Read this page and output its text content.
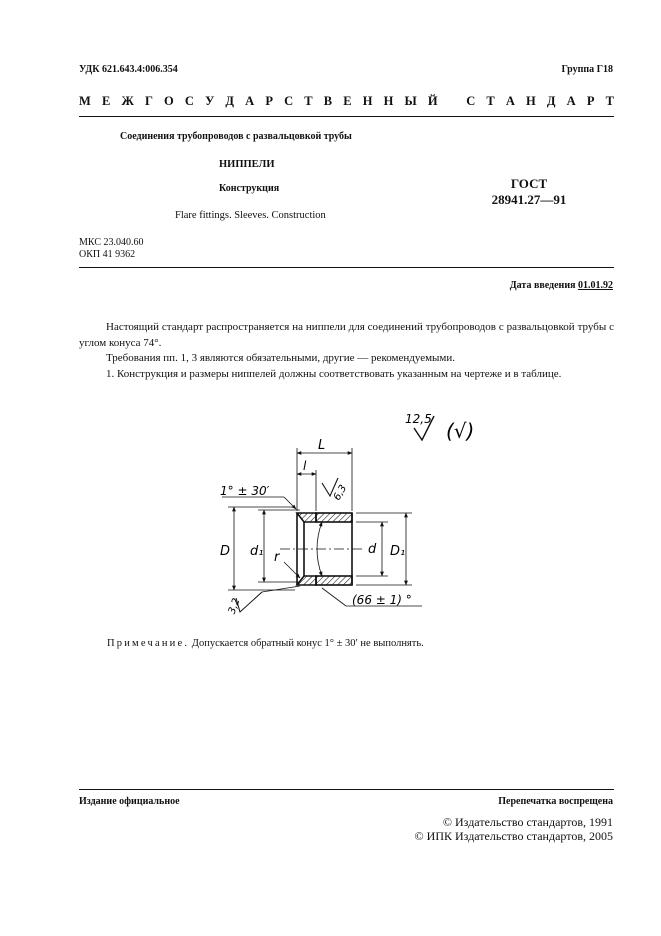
УДК 621.643.4:006.354	Группа Г18
М Е Ж Г О С У Д А Р С Т В Е Н Н Ы Й
С Т А Н Д А Р Т
Соединения трубопроводов с развальцовкой трубы
НИППЕЛИ
Конструкция	ГОСТ
28941.27—91
Flare fittings. Sleeves. Construction
МКС 23.040.60
ОКП 41 9362
Дата введения 01.01.92

Настоящий стандарт распространяется на ниппели для соединений трубопроводов с развальцовкой трубы с углом конуса 74°.

Требования пп. 1, 3 являются обязательными, другие — рекомендуемыми.

1. Конструкция и размеры ниппелей должны соответствовать указанным на чертеже и в таблице.

12,5 (√)
L
l
6,3
1° ± 30′
D d₁ r
d D₁
3,2	(66 ± 1) °
Примечание. Допускается обратный конус 1° ± 30′ не выполнять.
Издание официальное	Перепечатка воспрещена
© Издательство стандартов, 1991
© ИПК Издательство стандартов, 2005
